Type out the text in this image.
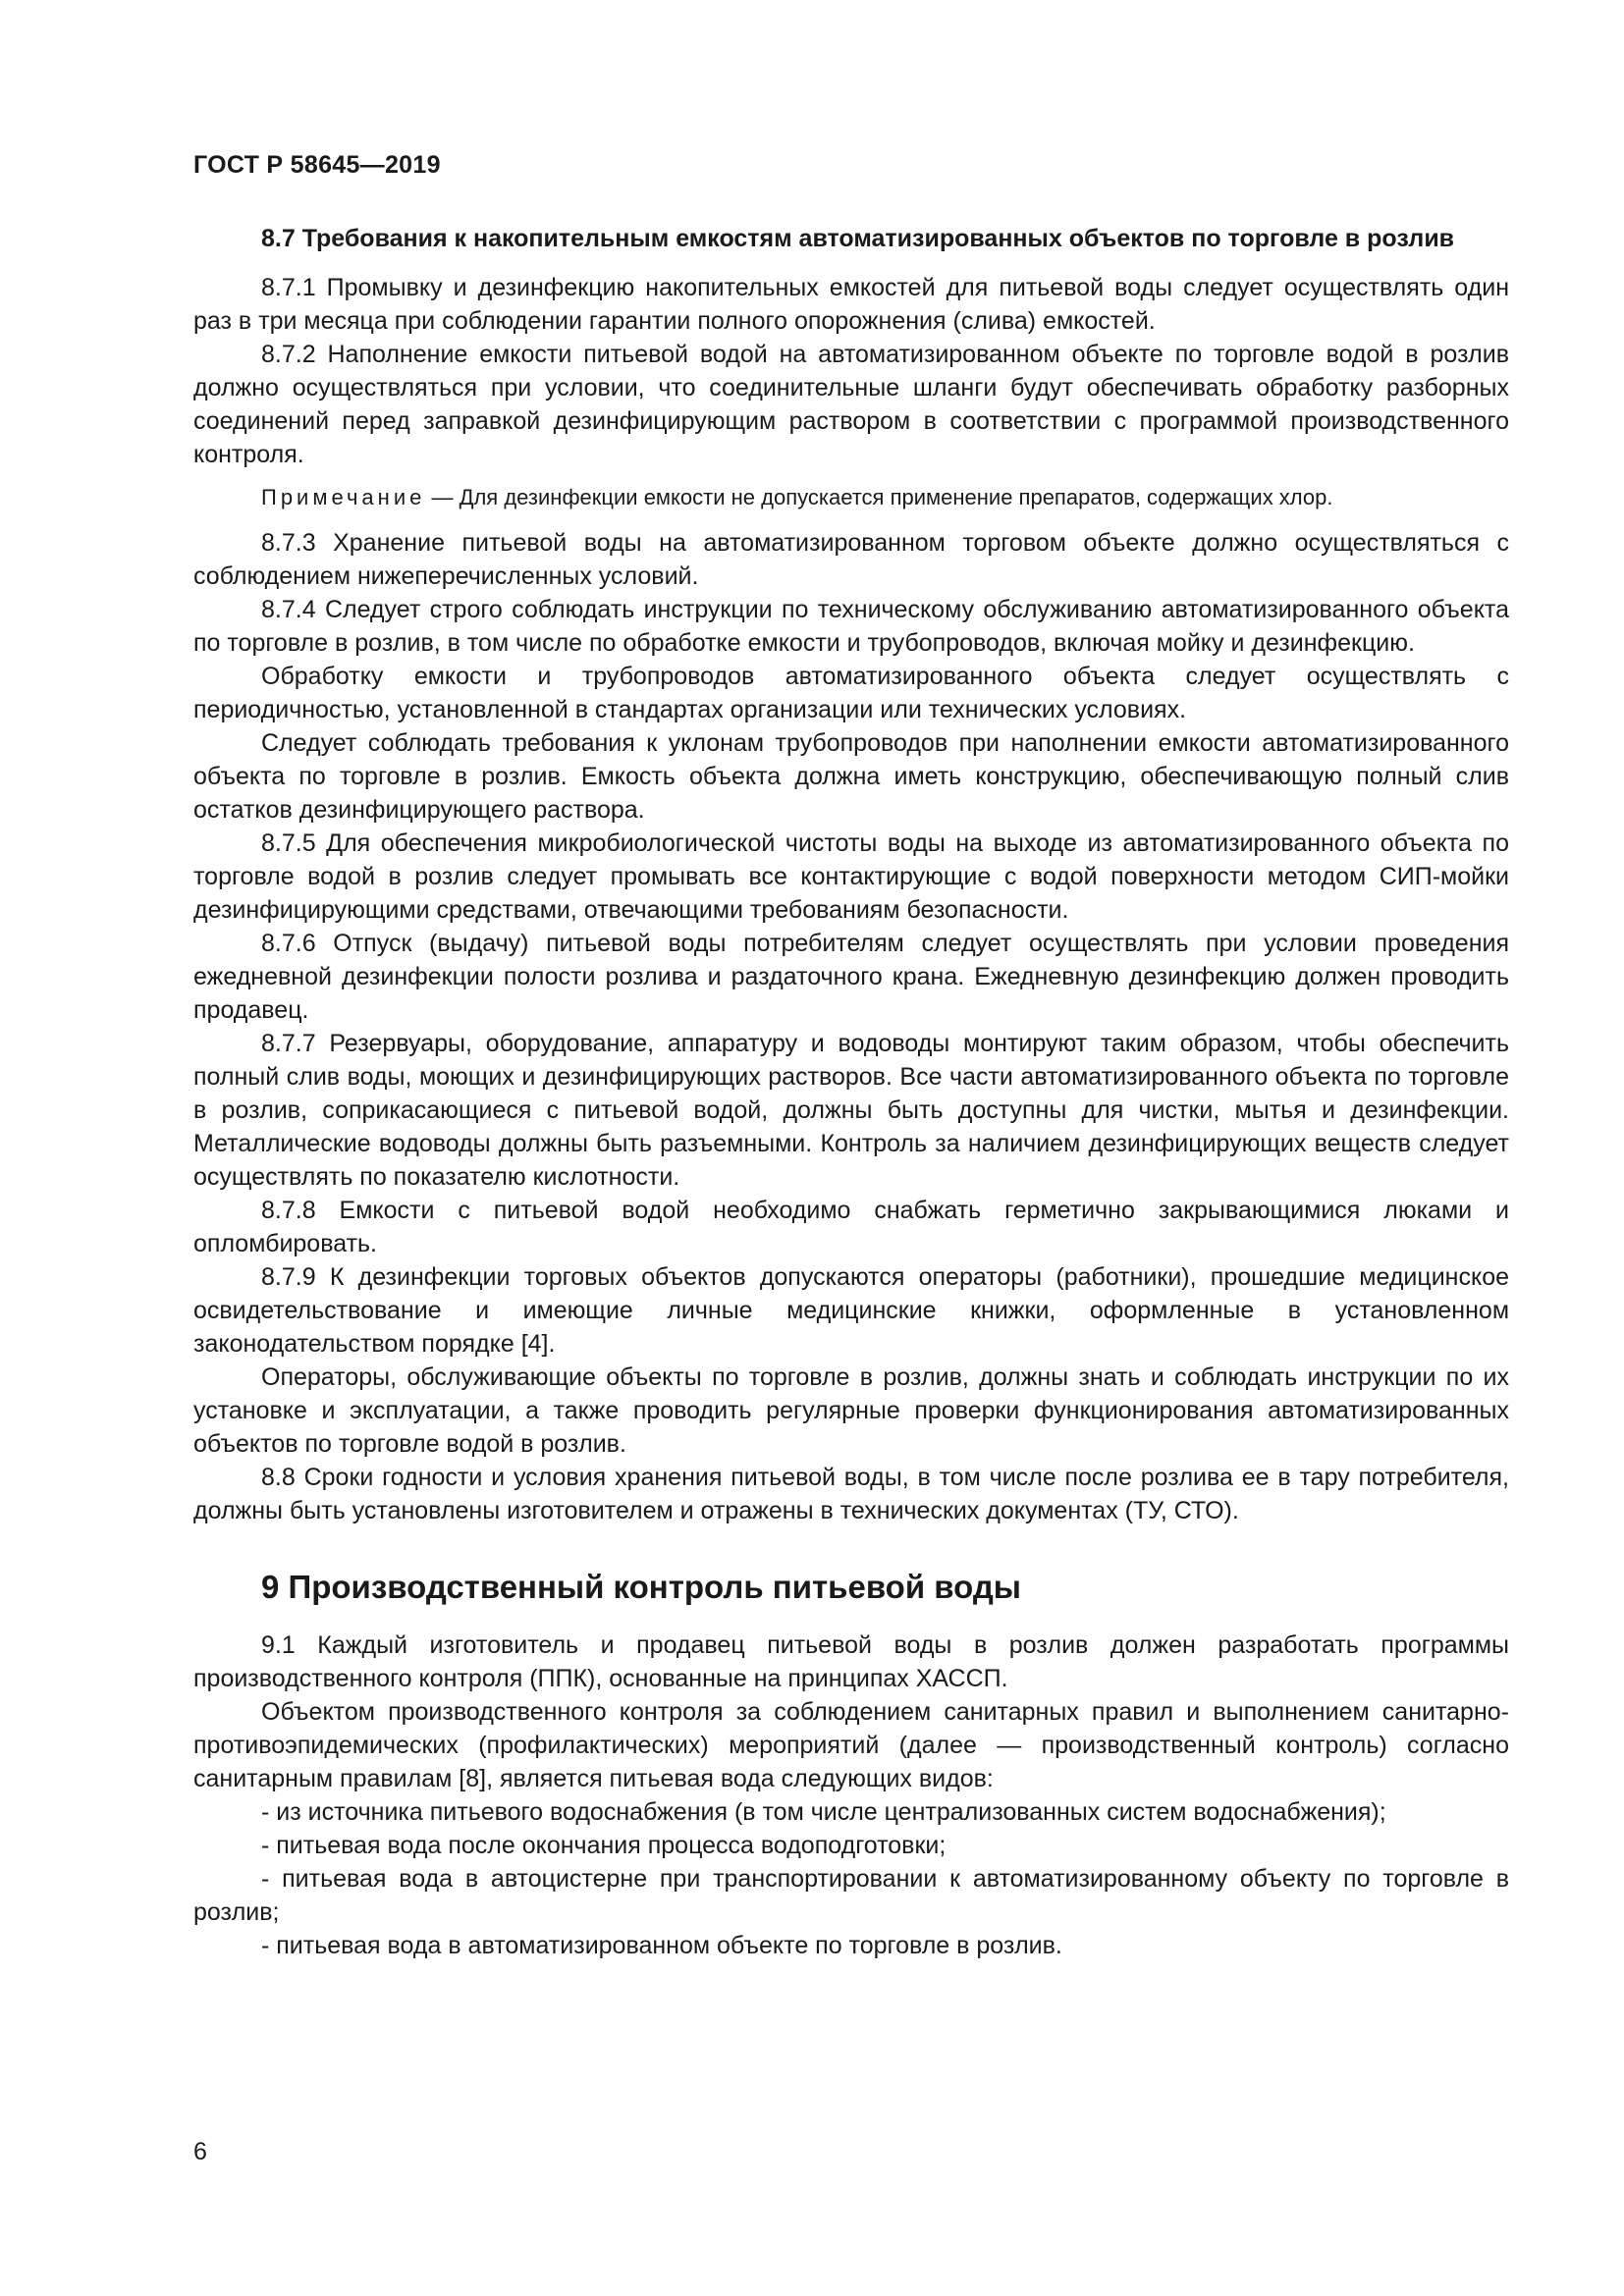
ГОСТ Р 58645—2019
8.7 Требования к накопительным емкостям автоматизированных объектов по торговле в розлив

8.7.1 Промывку и дезинфекцию накопительных емкостей для питьевой воды следует осуществлять один раз в три месяца при соблюдении гарантии полного опорожнения (слива) емкостей.

8.7.2 Наполнение емкости питьевой водой на автоматизированном объекте по торговле водой в розлив должно осуществляться при условии, что соединительные шланги будут обеспечивать обработку разборных соединений перед заправкой дезинфицирующим раствором в соответствии с программой производственного контроля.

Примечание — Для дезинфекции емкости не допускается применение препаратов, содержащих хлор.

8.7.3 Хранение питьевой воды на автоматизированном торговом объекте должно осуществляться с соблюдением нижеперечисленных условий.

8.7.4 Следует строго соблюдать инструкции по техническому обслуживанию автоматизированного объекта по торговле в розлив, в том числе по обработке емкости и трубопроводов, включая мойку и дезинфекцию.

Обработку емкости и трубопроводов автоматизированного объекта следует осуществлять с периодичностью, установленной в стандартах организации или технических условиях.

Следует соблюдать требования к уклонам трубопроводов при наполнении емкости автоматизированного объекта по торговле в розлив. Емкость объекта должна иметь конструкцию, обеспечивающую полный слив остатков дезинфицирующего раствора.

8.7.5 Для обеспечения микробиологической чистоты воды на выходе из автоматизированного объекта по торговле водой в розлив следует промывать все контактирующие с водой поверхности методом СИП-мойки дезинфицирующими средствами, отвечающими требованиям безопасности.

8.7.6 Отпуск (выдачу) питьевой воды потребителям следует осуществлять при условии проведения ежедневной дезинфекции полости розлива и раздаточного крана. Ежедневную дезинфекцию должен проводить продавец.

8.7.7 Резервуары, оборудование, аппаратуру и водоводы монтируют таким образом, чтобы обеспечить полный слив воды, моющих и дезинфицирующих растворов. Все части автоматизированного объекта по торговле в розлив, соприкасающиеся с питьевой водой, должны быть доступны для чистки, мытья и дезинфекции. Металлические водоводы должны быть разъемными. Контроль за наличием дезинфицирующих веществ следует осуществлять по показателю кислотности.

8.7.8 Емкости с питьевой водой необходимо снабжать герметично закрывающимися люками и опломбировать.

8.7.9 К дезинфекции торговых объектов допускаются операторы (работники), прошедшие медицинское освидетельствование и имеющие личные медицинские книжки, оформленные в установленном законодательством порядке [4].

Операторы, обслуживающие объекты по торговле в розлив, должны знать и соблюдать инструкции по их установке и эксплуатации, а также проводить регулярные проверки функционирования автоматизированных объектов по торговле водой в розлив.

8.8 Сроки годности и условия хранения питьевой воды, в том числе после розлива ее в тару потребителя, должны быть установлены изготовителем и отражены в технических документах (ТУ, СТО).

9 Производственный контроль питьевой воды

9.1 Каждый изготовитель и продавец питьевой воды в розлив должен разработать программы производственного контроля (ППК), основанные на принципах ХАССП.

Объектом производственного контроля за соблюдением санитарных правил и выполнением санитарно-противоэпидемических (профилактических) мероприятий (далее — производственный контроль) согласно санитарным правилам [8], является питьевая вода следующих видов:

- из источника питьевого водоснабжения (в том числе централизованных систем водоснабжения);

- питьевая вода после окончания процесса водоподготовки;

- питьевая вода в автоцистерне при транспортировании к автоматизированному объекту по торговле в розлив;

- питьевая вода в автоматизированном объекте по торговле в розлив.

6
